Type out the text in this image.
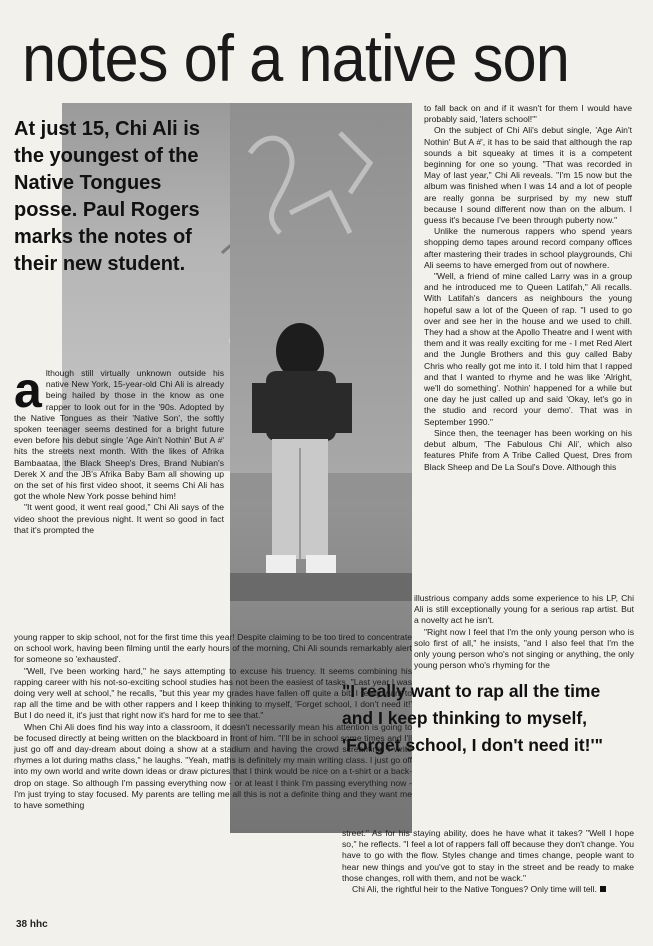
notes of a native son
At just 15, Chi Ali is the youngest of the Native Tongues posse. Paul Rogers marks the notes of their new student.

although still virtually unknown outside his native New York, 15-year-old Chi Ali is already being hailed by those in the know as one rapper to look out for in the '90s. Adopted by the Native Tongues as their 'Native Son', the softly spoken teenager seems destined for a bright future even before his debut single 'Age Ain't Nothin' But A #' hits the streets next month. With the likes of Afrika Bambaataa, the Black Sheep's Dres, Brand Nubian's Derek X and the JB's Afrika Baby Bam all showing up on the set of his first video shoot, it seems Chi Ali has got the whole New York posse behind him!

"It went good, it went real good," Chi Ali says of the video shoot the previous night. It went so good in fact that it's prompted the

young rapper to skip school, not for the first time this year! Despite claiming to be too tired to concentrate on school work, having been filming until the early hours of the morning, Chi Ali sounds remarkably alert for someone so 'exhausted'.

"Well, I've been working hard," he says attempting to excuse his truency. It seems combining his rapping career with his not-so-exciting school studies has not been the easiest of tasks. "Last year I was doing very well at school," he recalls, "but this year my grades have fallen off quite a bit. I really want to rap all the time and be with other rappers and I keep thinking to myself, 'Forget school, I don't need it!' But I do need it, it's just that right now it's hard for me to see that."

When Chi Ali does find his way into a classroom, it doesn't necessarily mean his attention is going to be focused directly at being written on the blackboard in front of him. "I'll be in school some times and I'll just go off and day-dream about doing a show at a stadium and having the crowd screaming. I write rhymes a lot during maths class," he laughs. "Yeah, maths is definitely my main writing class. I just go off into my own world and write down ideas or draw pictures that I think would be nice on a t-shirt or a back-drop on stage. So although I'm passing everything now - or at least I think I'm passing everything now - I'm just trying to stay focused. My parents are telling me all this is not a definite thing and they want me to have something

to fall back on and if it wasn't for them I would have probably said, 'laters school!'"

On the subject of Chi Ali's debut single, 'Age Ain't Nothin' But A #', it has to be said that although the rap sounds a bit squeaky at times it is a competent beginning for one so young. "That was recorded in May of last year," Chi Ali reveals. "I'm 15 now but the album was finished when I was 14 and a lot of people are really gonna be surprised by my new stuff because I sound different now than on the album. I guess it's because I've been through puberty now."

Unlike the numerous rappers who spend years shopping demo tapes around record company offices after mastering their trades in school playgrounds, Chi Ali seems to have emerged from out of nowhere.

"Well, a friend of mine called Larry was in a group and he introduced me to Queen Latifah," Ali recalls. With Latifah's dancers as neighbours the young hopeful saw a lot of the Queen of rap. "I used to go over and see her in the house and we used to chill. They had a show at the Apollo Theatre and I went with them and it was really exciting for me - I met Red Alert and the Jungle Brothers and this guy called Baby Chris who really got me into it. I told him that I rapped and that I wanted to rhyme and he was like 'Alright, we'll do something'. Nothin' happened for a while but one day he just called up and said 'Okay, let's go in the studio and record your demo'. That was in September 1990."

Since then, the teenager has been working on his debut album, 'The Fabulous Chi Ali', which also features Phife from A Tribe Called Quest, Dres from Black Sheep and De La Soul's Dove. Although this

illustrious company adds some experience to his LP, Chi Ali is still exceptionally young for a serious rap artist. But a novelty act he isn't.

"Right now I feel that I'm the only young person who is solo first of all," he insists, "and I also feel that I'm the only young person who's not singing or anything, the only young person who's rhyming for the

"I really want to rap all the time and I keep thinking to myself, 'Forget school, I don't need it!'"

street." As for his staying ability, does he have what it takes? "Well I hope so," he reflects. "I feel a lot of rappers fall off because they don't change. You have to go with the flow. Styles change and times change, people want to hear new things and you've got to stay in the street and be ready to make those changes, roll with them, and not be wack."

Chi Ali, the rightful heir to the Native Tongues? Only time will tell.

38 hhc
